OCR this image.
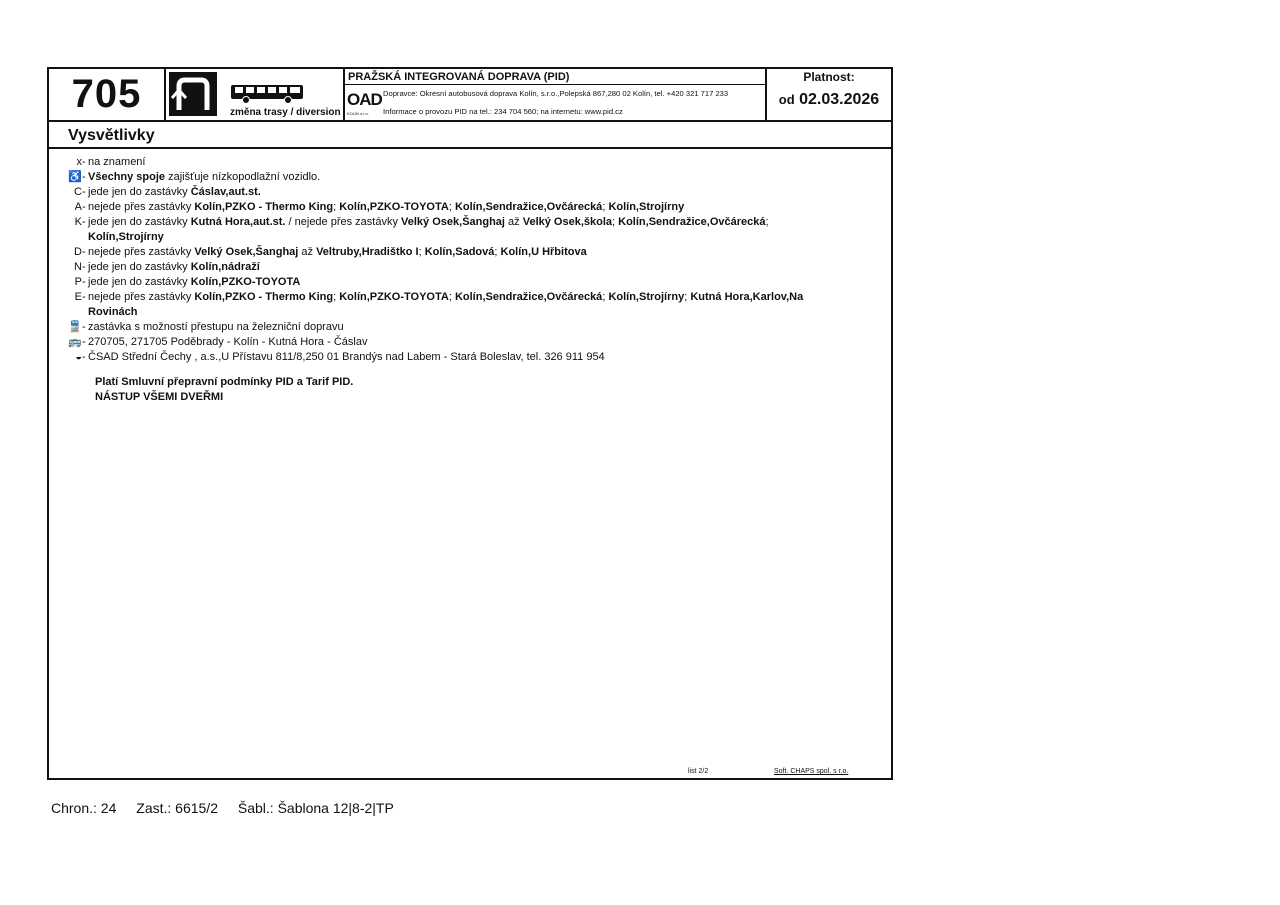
705	změna trasy / diversion
PRAŽSKÁ INTEGROVANÁ DOPRAVA (PID)
OAD
KOLÍN s.r.o.
Dopravce: Okresní autobusová doprava Kolín, s.r.o.,Polepská 867,280 02 Kolín, tel. +420 321 717 233
Informace o provozu PID na tel.: 234 704 560; na internetu: www.pid.cz
Platnost:
od 02.03.2026
Vysvětlivky
x - na znamení
♿ - Všechny spoje zajišťuje nízkopodlažní vozidlo.
C - jede jen do zastávky Čáslav,aut.st.
A - nejede přes zastávky Kolín,PZKO - Thermo King; Kolín,PZKO-TOYOTA; Kolín,Sendražice,Ovčárecká; Kolín,Strojírny
K - jede jen do zastávky Kutná Hora,aut.st. / nejede přes zastávky Velký Osek,Šanghaj až Velký Osek,škola; Kolín,Sendražice,Ovčárecká;
Kolín,Strojírny
D - nejede přes zastávky Velký Osek,Šanghaj až Veltruby,Hradištko I; Kolín,Sadová; Kolín,U Hřbitova
N - jede jen do zastávky Kolín,nádraží
P - jede jen do zastávky Kolín,PZKO-TOYOTA
E - nejede přes zastávky Kolín,PZKO - Thermo King; Kolín,PZKO-TOYOTA; Kolín,Sendražice,Ovčárecká; Kolín,Strojírny; Kutná Hora,Karlov,Na
Rovinách
🚆 - zastávka s možností přestupu na železniční dopravu
🚌 - 270705, 271705 Poděbrady - Kolín - Kutná Hora - Čáslav
◒ - ČSAD Střední Čechy , a.s.,U Přístavu 811/8,250 01 Brandýs nad Labem - Stará Boleslav, tel. 326 911 954
Platí Smluvní přepravní podmínky PID a Tarif PID.
NÁSTUP VŠEMI DVEŘMI
list 2/2	Soft. CHAPS spol. s r.o.
Chron.: 24 Zast.: 6615/2 Šabl.: Šablona 12|8-2|TP
